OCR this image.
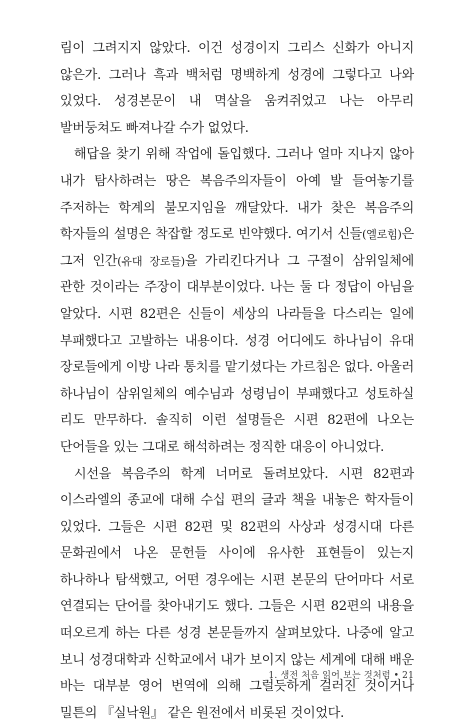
림이 그려지지 않았다. 이건 성경이지 그리스 신화가 아니지 않은가. 그러나 흑과 백처럼 명백하게 성경에 그렇다고 나와 있었다. 성경본문이 내 멱살을 움켜쥐었고 나는 아무리 발버둥쳐도 빠져나갈 수가 없었다.

해답을 찾기 위해 작업에 돌입했다. 그러나 얼마 지나지 않아 내가 탐사하려는 땅은 복음주의자들이 아예 발 들여놓기를 주저하는 학계의 불모지임을 깨달았다. 내가 찾은 복음주의 학자들의 설명은 착잡할 정도로 빈약했다. 여기서 신들(엘로힘)은 그저 인간(유대 장로들)을 가리킨다거나 그 구절이 삼위일체에 관한 것이라는 주장이 대부분이었다. 나는 둘 다 정답이 아님을 알았다. 시편 82편은 신들이 세상의 나라들을 다스리는 일에 부패했다고 고발하는 내용이다. 성경 어디에도 하나님이 유대 장로들에게 이방 나라 통치를 맡기셨다는 가르침은 없다. 아울러 하나님이 삼위일체의 예수님과 성령님이 부패했다고 성토하실 리도 만무하다. 솔직히 이런 설명들은 시편 82편에 나오는 단어들을 있는 그대로 해석하려는 정직한 대응이 아니었다.

시선을 복음주의 학계 너머로 돌려보았다. 시편 82편과 이스라엘의 종교에 대해 수십 편의 글과 책을 내놓은 학자들이 있었다. 그들은 시편 82편 및 82편의 사상과 성경시대 다른 문화권에서 나온 문헌들 사이에 유사한 표현들이 있는지 하나하나 탐색했고, 어떤 경우에는 시편 본문의 단어마다 서로 연결되는 단어를 찾아내기도 했다. 그들은 시편 82편의 내용을 떠오르게 하는 다른 성경 본문들까지 살펴보았다. 나중에 알고 보니 성경대학과 신학교에서 내가 보이지 않는 세계에 대해 배운 바는 대부분 영어 번역에 의해 그럴듯하게 걸러진 것이거나 밀튼의 『실낙원』 같은 원전에서 비롯된 것이었다.

1. 생전 처음 읽어 보는 것처럼 • 21
